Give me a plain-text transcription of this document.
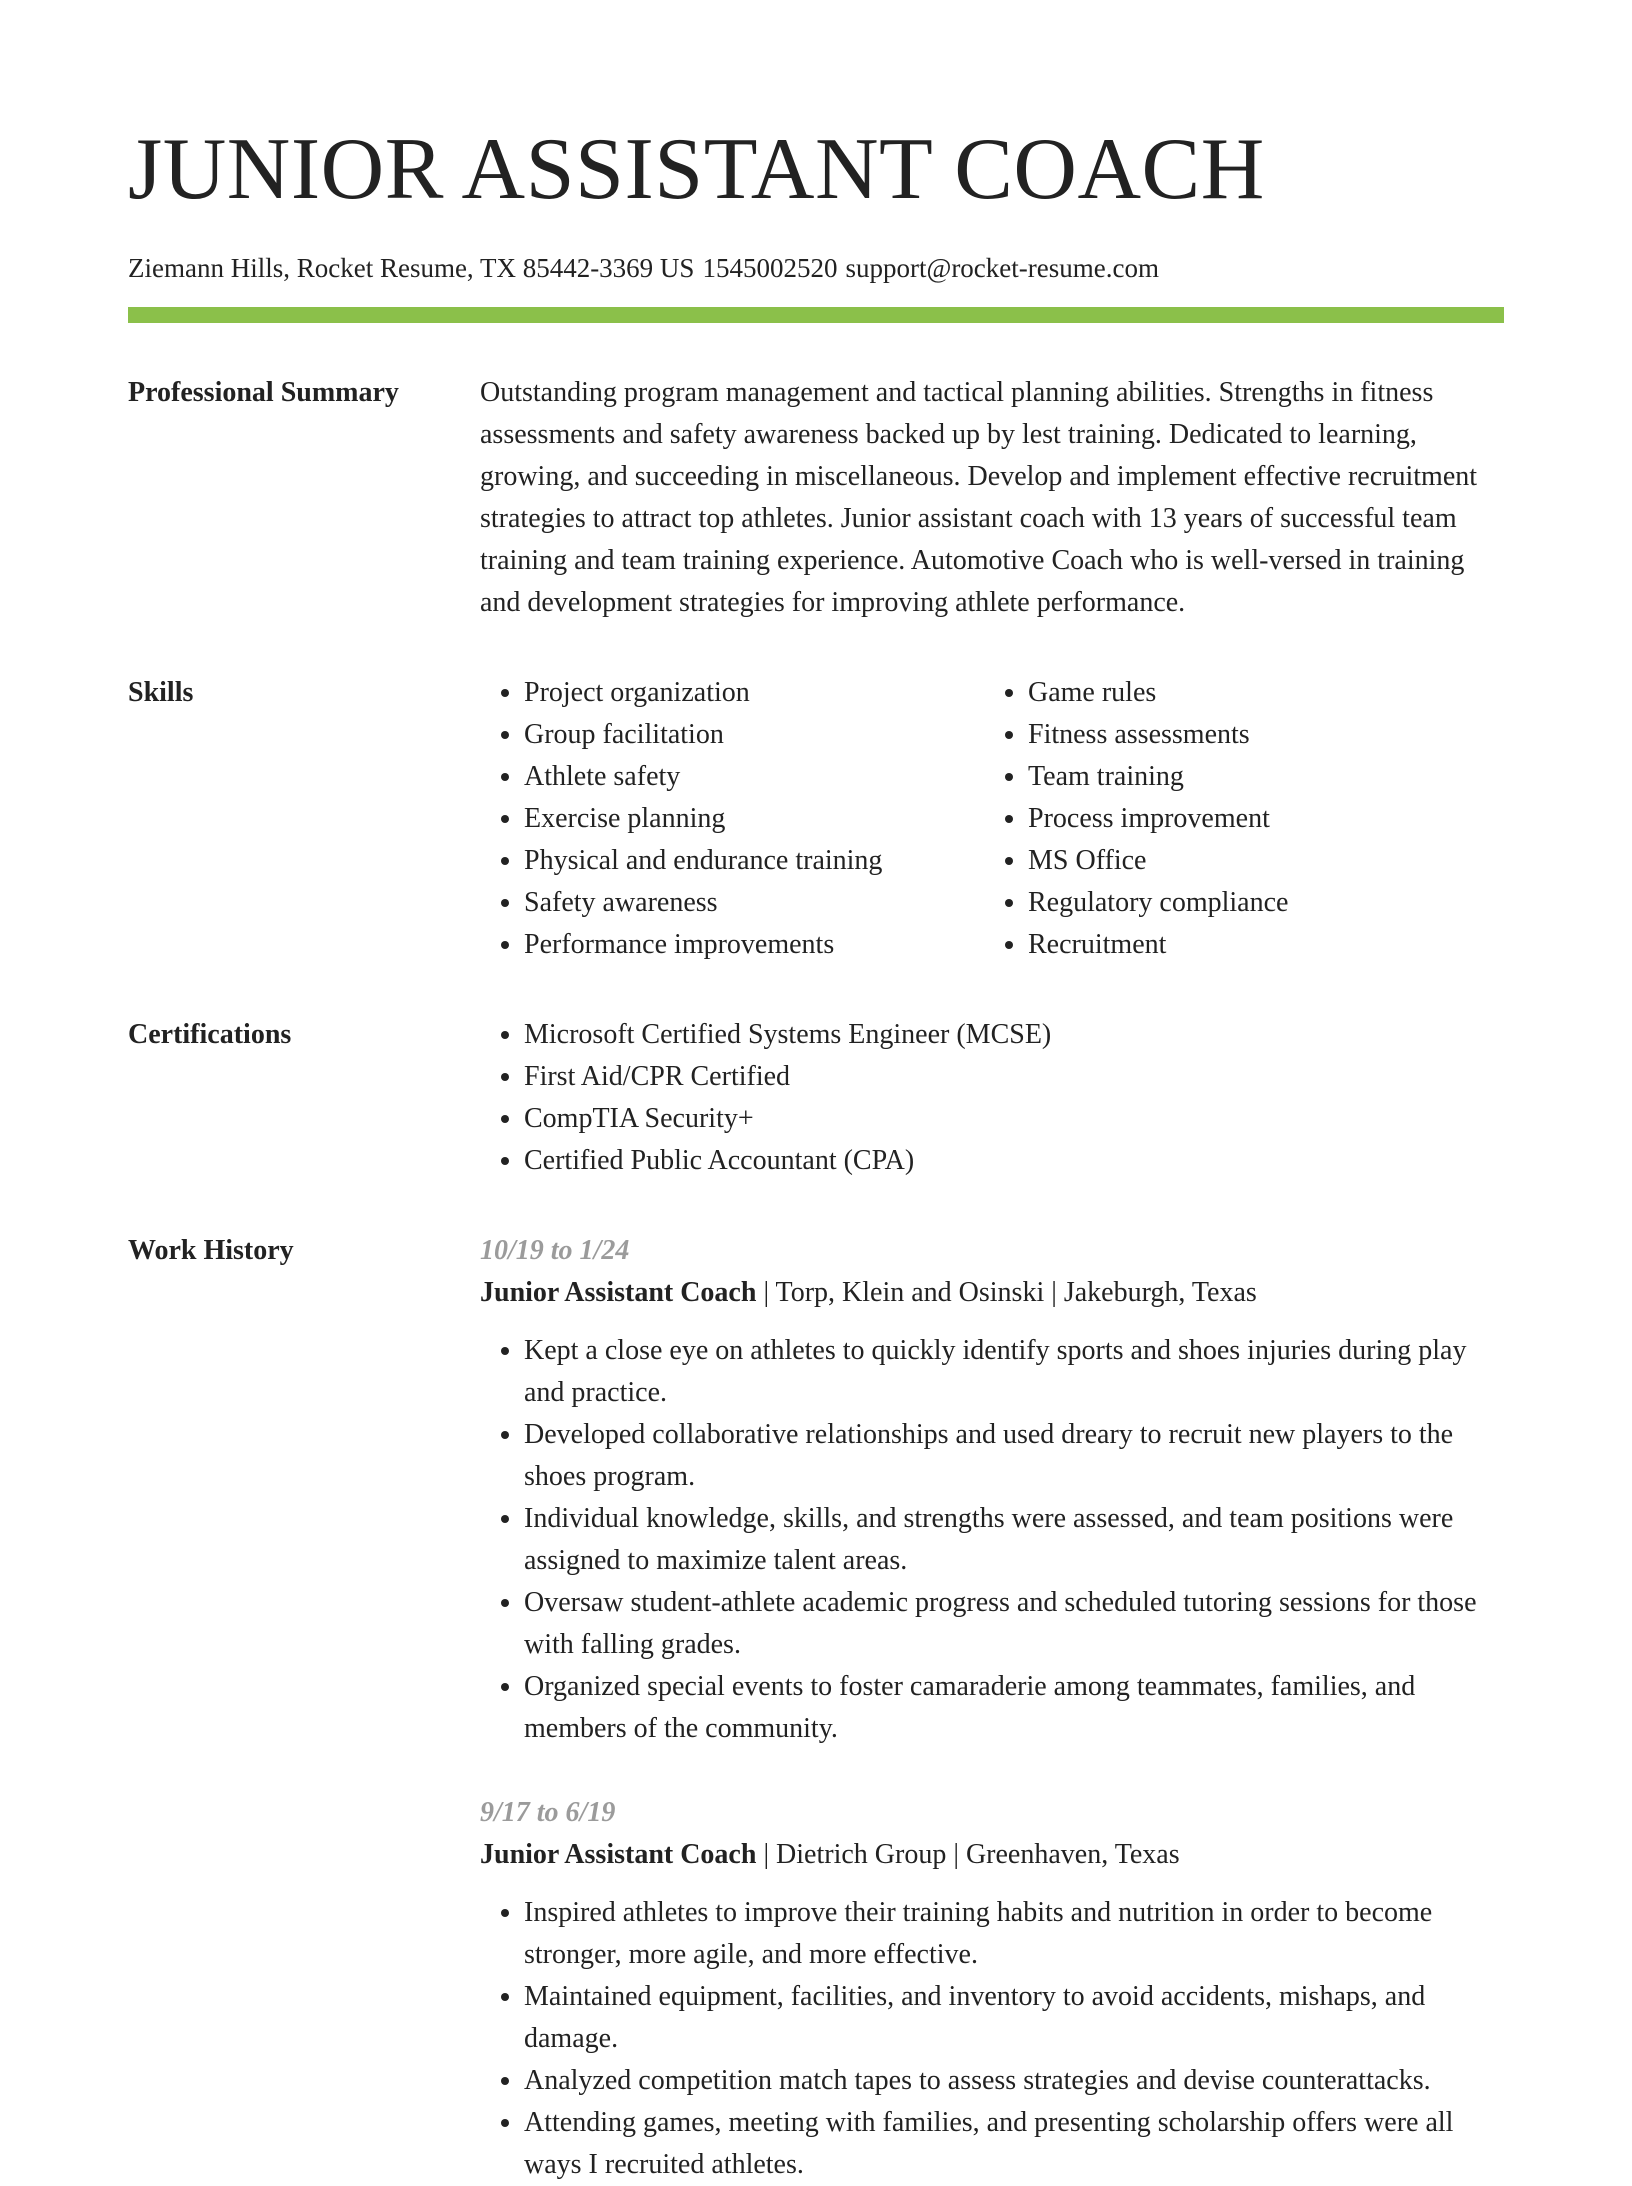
JUNIOR ASSISTANT COACH
Ziemann Hills, Rocket Resume, TX 85442-3369 US 1545002520 support@rocket-resume.com
Professional Summary	Outstanding program management and tactical planning abilities. Strengths in fitness assessments and safety awareness backed up by lest training. Dedicated to learning, growing, and succeeding in miscellaneous. Develop and implement effective recruitment strategies to attract top athletes. Junior assistant coach with 13 years of successful team training and team training experience. Automotive Coach who is well-versed in training and development strategies for improving athlete performance.

Skills	• Project organization
• Group facilitation
• Athlete safety
• Exercise planning
• Physical and endurance training
• Safety awareness
• Performance improvements
• Game rules
• Fitness assessments
• Team training
• Process improvement
• MS Office
• Regulatory compliance
• Recruitment
Certifications	• Microsoft Certified Systems Engineer (MCSE)
• First Aid/CPR Certified
• CompTIA Security+
• Certified Public Accountant (CPA)
Work History	10/19 to 1/24
Junior Assistant Coach | Torp, Klein and Osinski | Jakeburgh, Texas
• Kept a close eye on athletes to quickly identify sports and shoes injuries during play and practice.
• Developed collaborative relationships and used dreary to recruit new players to the shoes program.
• Individual knowledge, skills, and strengths were assessed, and team positions were assigned to maximize talent areas.
• Oversaw student-athlete academic progress and scheduled tutoring sessions for those with falling grades.
• Organized special events to foster camaraderie among teammates, families, and members of the community.
9/17 to 6/19
Junior Assistant Coach | Dietrich Group | Greenhaven, Texas
• Inspired athletes to improve their training habits and nutrition in order to become stronger, more agile, and more effective.
• Maintained equipment, facilities, and inventory to avoid accidents, mishaps, and damage.
• Analyzed competition match tapes to assess strategies and devise counterattacks.
• Attending games, meeting with families, and presenting scholarship offers were all ways I recruited athletes.
